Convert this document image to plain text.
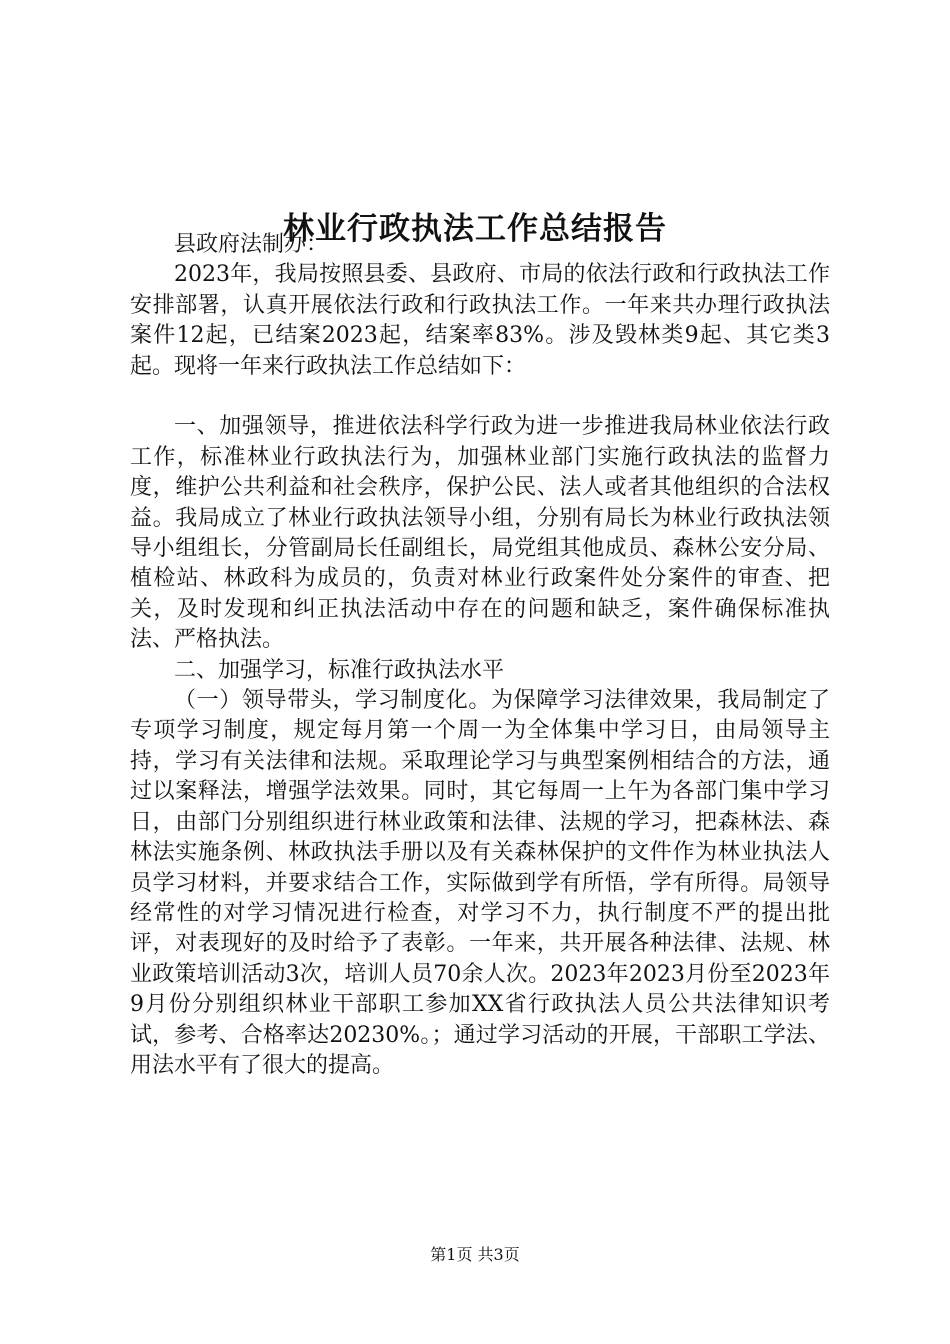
林业行政执法工作总结报告

县政府法制办：

2023年，我局按照县委、县政府、市局的依法行政和行政执法工作安排部署，认真开展依法行政和行政执法工作。一年来共办理行政执法案件12起，已结案2023起，结案率83%。涉及毁林类9起、其它类3起。现将一年来行政执法工作总结如下：

一、加强领导，推进依法科学行政为进一步推进我局林业依法行政工作，标准林业行政执法行为，加强林业部门实施行政执法的监督力度，维护公共利益和社会秩序，保护公民、法人或者其他组织的合法权益。我局成立了林业行政执法领导小组，分别有局长为林业行政执法领导小组组长，分管副局长任副组长，局党组其他成员、森林公安分局、植检站、林政科为成员的，负责对林业行政案件处分案件的审查、把关，及时发现和纠正执法活动中存在的问题和缺乏，案件确保标准执法、严格执法。

二、加强学习，标准行政执法水平

（一）领导带头，学习制度化。为保障学习法律效果，我局制定了专项学习制度，规定每月第一个周一为全体集中学习日，由局领导主持，学习有关法律和法规。采取理论学习与典型案例相结合的方法，通过以案释法，增强学法效果。同时，其它每周一上午为各部门集中学习日，由部门分别组织进行林业政策和法律、法规的学习，把森林法、森林法实施条例、林政执法手册以及有关森林保护的文件作为林业执法人员学习材料，并要求结合工作，实际做到学有所悟，学有所得。局领导经常性的对学习情况进行检查，对学习不力，执行制度不严的提出批评，对表现好的及时给予了表彰。一年来，共开展各种法律、法规、林业政策培训活动3次，培训人员70余人次。2023年2023月份至2023年9月份分别组织林业干部职工参加XX省行政执法人员公共法律知识考试，参考、合格率达20230%。；通过学习活动的开展，干部职工学法、用法水平有了很大的提高。

第1页 共3页
